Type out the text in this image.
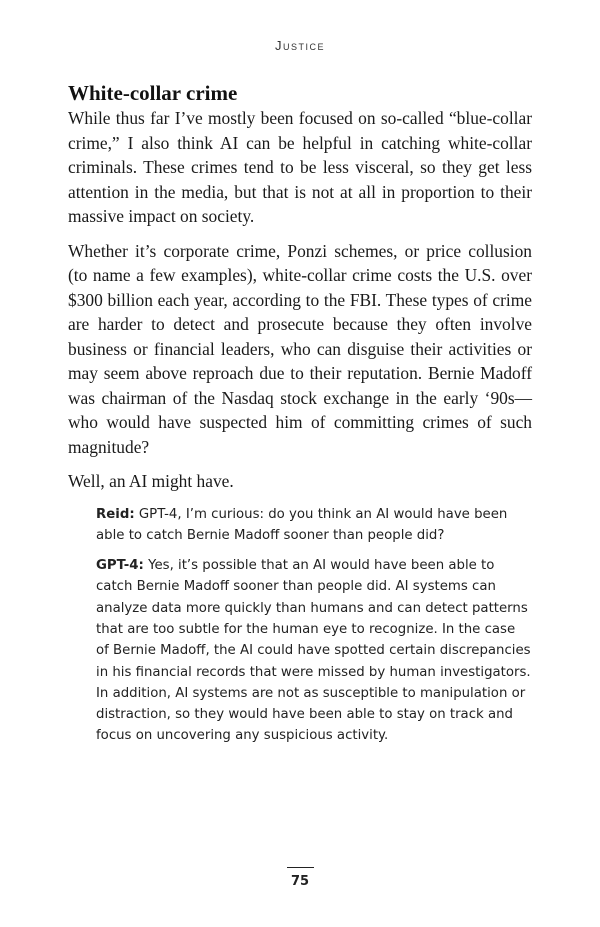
Justice
White-collar crime

While thus far I’ve mostly been focused on so-called “blue-collar crime,” I also think AI can be helpful in catching white-collar criminals. These crimes tend to be less visceral, so they get less attention in the media, but that is not at all in proportion to their massive impact on society.

Whether it’s corporate crime, Ponzi schemes, or price collusion (to name a few examples), white-collar crime costs the U.S. over $300 billion each year, according to the FBI. These types of crime are harder to detect and prosecute because they often involve business or financial leaders, who can disguise their activities or may seem above reproach due to their reputation. Bernie Madoff was chairman of the Nasdaq stock exchange in the early ‘90s—who would have suspected him of committing crimes of such magnitude?

Well, an AI might have.

Reid: GPT-4, I’m curious: do you think an AI would have been able to catch Bernie Madoff sooner than people did?

GPT-4: Yes, it’s possible that an AI would have been able to catch Bernie Madoff sooner than people did. AI systems can analyze data more quickly than humans and can detect patterns that are too subtle for the human eye to recognize. In the case of Bernie Madoff, the AI could have spotted certain discrepancies in his financial records that were missed by human investigators. In addition, AI systems are not as susceptible to manipulation or distraction, so they would have been able to stay on track and focus on uncovering any suspicious activity.

75
